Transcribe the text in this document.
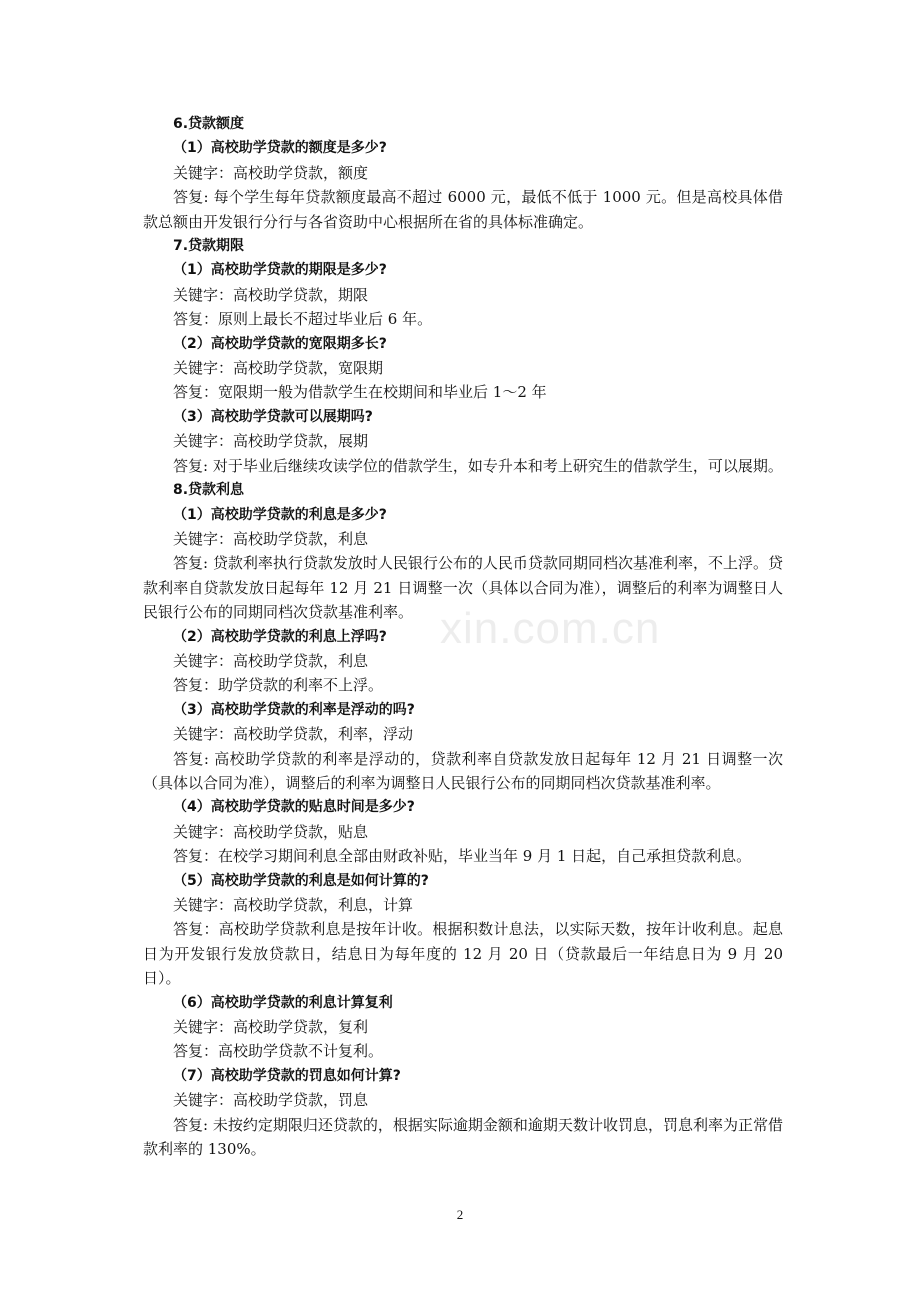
xin.com.cn

6.贷款额度

（1）高校助学贷款的额度是多少?

关键字：高校助学贷款，额度

答复: 每个学生每年贷款额度最高不超过 6000 元，最低不低于 1000 元。但是高校具体借款总额由开发银行分行与各省资助中心根据所在省的具体标准确定。

7.贷款期限

（1）高校助学贷款的期限是多少?

关键字：高校助学贷款，期限

答复：原则上最长不超过毕业后 6 年。

（2）高校助学贷款的宽限期多长?

关键字：高校助学贷款，宽限期

答复：宽限期一般为借款学生在校期间和毕业后 1～2 年

（3）高校助学贷款可以展期吗?

关键字：高校助学贷款，展期

答复: 对于毕业后继续攻读学位的借款学生，如专升本和考上研究生的借款学生，可以展期。

8.贷款利息

（1）高校助学贷款的利息是多少?

关键字：高校助学贷款，利息

答复: 贷款利率执行贷款发放时人民银行公布的人民币贷款同期同档次基准利率，不上浮。贷款利率自贷款发放日起每年 12 月 21 日调整一次（具体以合同为准），调整后的利率为调整日人民银行公布的同期同档次贷款基准利率。

（2）高校助学贷款的利息上浮吗?

关键字：高校助学贷款，利息

答复：助学贷款的利率不上浮。

（3）高校助学贷款的利率是浮动的吗?

关键字：高校助学贷款，利率，浮动

答复: 高校助学贷款的利率是浮动的，贷款利率自贷款发放日起每年 12 月 21 日调整一次（具体以合同为准），调整后的利率为调整日人民银行公布的同期同档次贷款基准利率。

（4）高校助学贷款的贴息时间是多少?

关键字：高校助学贷款，贴息

答复：在校学习期间利息全部由财政补贴，毕业当年 9 月 1 日起，自己承担贷款利息。

（5）高校助学贷款的利息是如何计算的?

关键字：高校助学贷款，利息，计算

答复：高校助学贷款利息是按年计收。根据积数计息法，以实际天数，按年计收利息。起息日为开发银行发放贷款日，结息日为每年度的 12 月 20 日（贷款最后一年结息日为 9 月 20 日）。

（6）高校助学贷款的利息计算复利

关键字：高校助学贷款，复利

答复：高校助学贷款不计复利。

（7）高校助学贷款的罚息如何计算?

关键字：高校助学贷款，罚息

答复: 未按约定期限归还贷款的，根据实际逾期金额和逾期天数计收罚息，罚息利率为正常借款利率的 130%。

2
